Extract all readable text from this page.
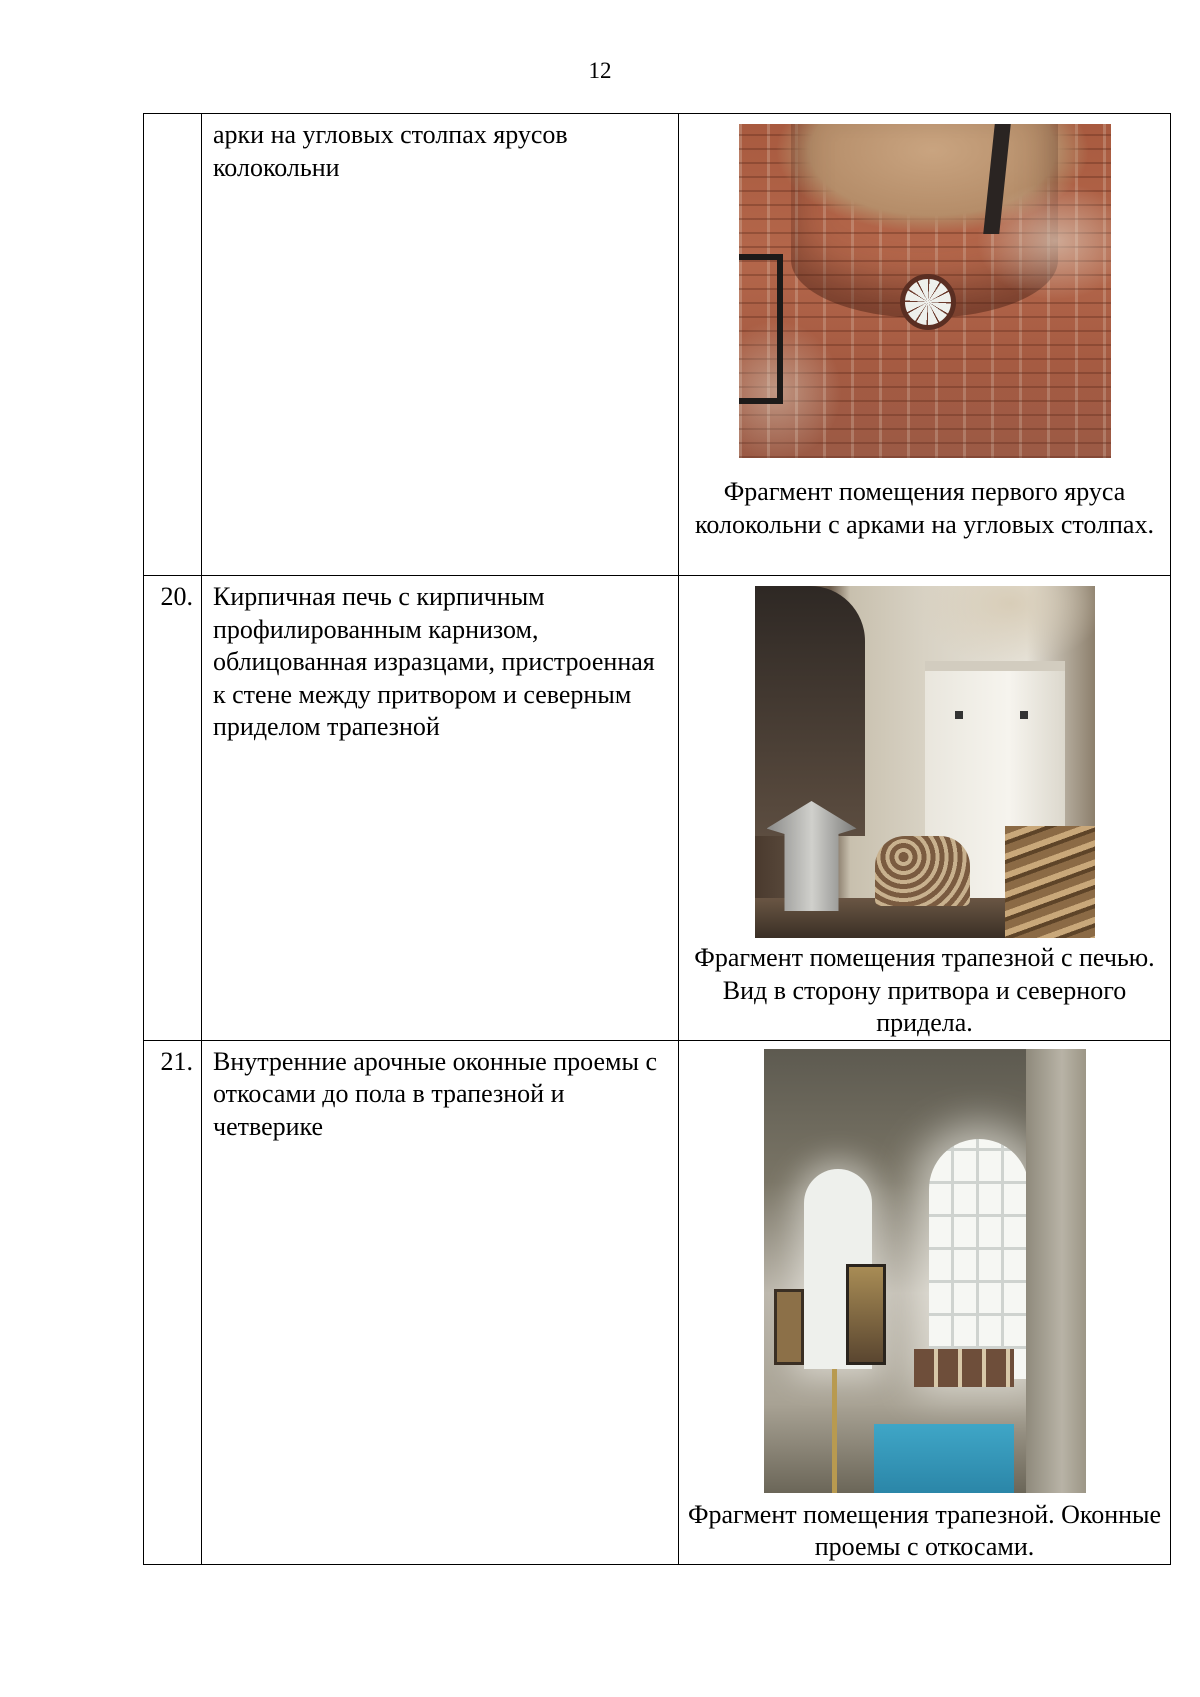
12

	арки на угловых столпах ярусов колокольни	Фрагмент помещения первого яруса колокольни с арками на угловых столпах.

20.	Кирпичная печь с кирпичным профилированным карнизом, облицованная изразцами, пристроенная к стене между притвором и северным приделом трапезной	Фрагмент помещения трапезной с печью. Вид в сторону притвора и северного придела.

21.	Внутренние арочные оконные проемы с откосами до пола в трапезной и четверике	Фрагмент помещения трапезной. Оконные проемы с откосами.
